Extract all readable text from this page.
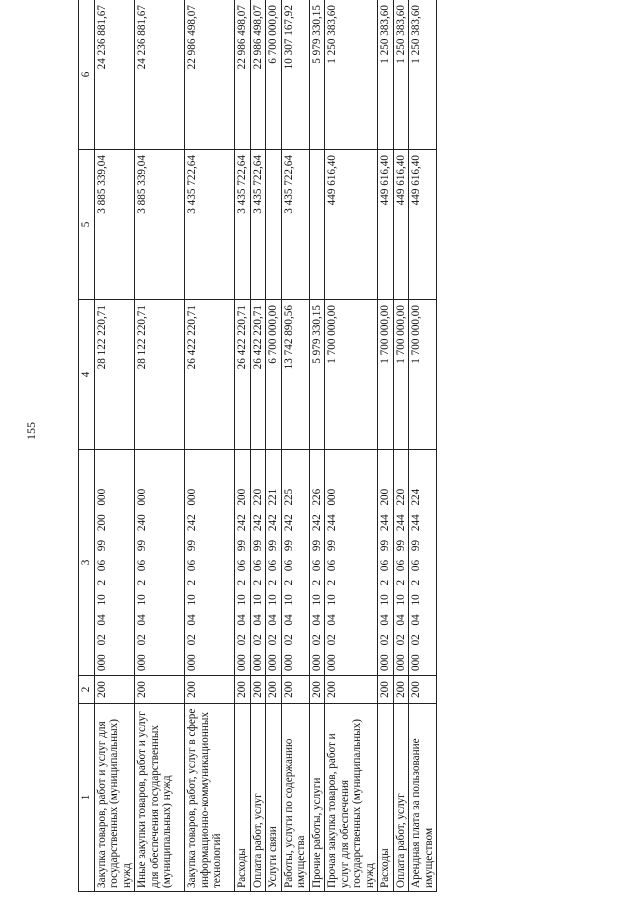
155
1	2	3	4	5	6
Закупка товаров, работ и услуг для государственных (муниципальных) нужд	200	000 02 04 10 2 06 99 200 000	28 122 220,71	3 885 339,04	24 236 881,67
Иные закупки товаров, работ и услуг для обеспечения государственных (муниципальных) нужд	200	000 02 04 10 2 06 99 240 000	28 122 220,71	3 885 339,04	24 236 881,67
Закупка товаров, работ, услуг в сфере информационно-коммуникационных технологий	200	000 02 04 10 2 06 99 242 000	26 422 220,71	3 435 722,64	22 986 498,07
Расходы	200	000 02 04 10 2 06 99 242 200	26 422 220,71	3 435 722,64	22 986 498,07
Оплата работ, услуг	200	000 02 04 10 2 06 99 242 220	26 422 220,71	3 435 722,64	22 986 498,07
Услуги связи	200	000 02 04 10 2 06 99 242 221	6 700 000,00		6 700 000,00
Работы, услуги по содержанию имущества	200	000 02 04 10 2 06 99 242 225	13 742 890,56	3 435 722,64	10 307 167,92
Прочие работы, услуги	200	000 02 04 10 2 06 99 242 226	5 979 330,15		5 979 330,15
Прочая закупка товаров, работ и услуг для обеспечения государственных (муниципальных) нужд	200	000 02 04 10 2 06 99 244 000	1 700 000,00	449 616,40	1 250 383,60
Расходы	200	000 02 04 10 2 06 99 244 200	1 700 000,00	449 616,40	1 250 383,60
Оплата работ, услуг	200	000 02 04 10 2 06 99 244 220	1 700 000,00	449 616,40	1 250 383,60
Арендная плата за пользование имуществом	200	000 02 04 10 2 06 99 244 224	1 700 000,00	449 616,40	1 250 383,60
